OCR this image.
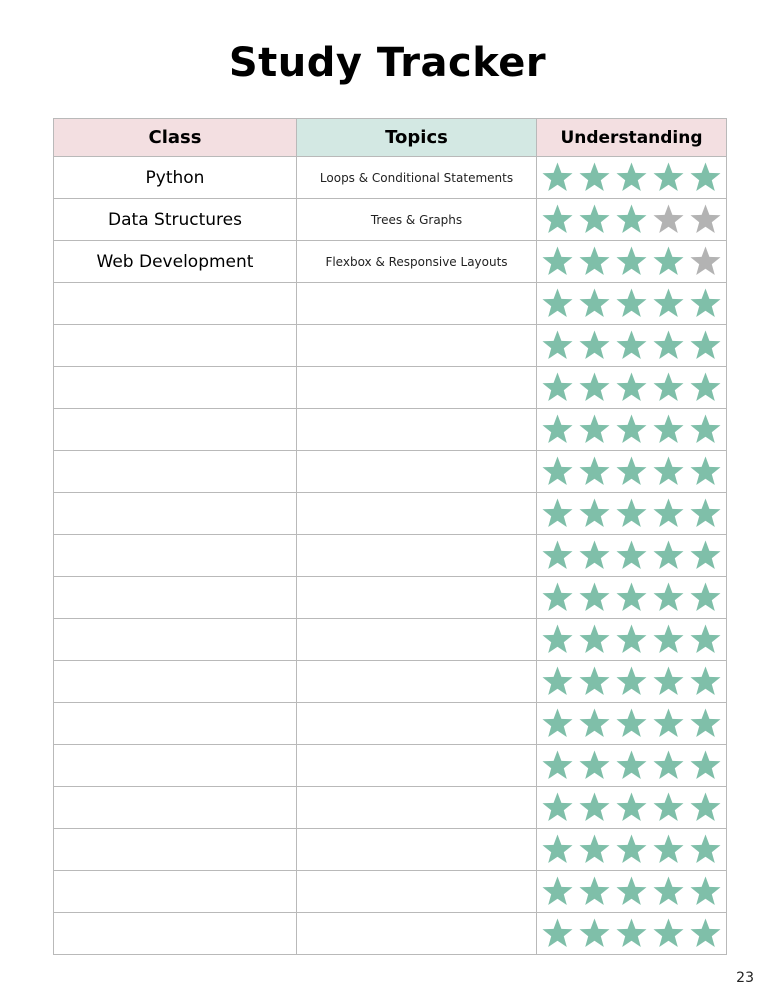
Study Tracker
Class	Topics	Understanding
Python	Loops & Conditional Statements	

Data Structures	Trees & Graphs	

Web Development	Flexbox & Responsive Layouts	

23
